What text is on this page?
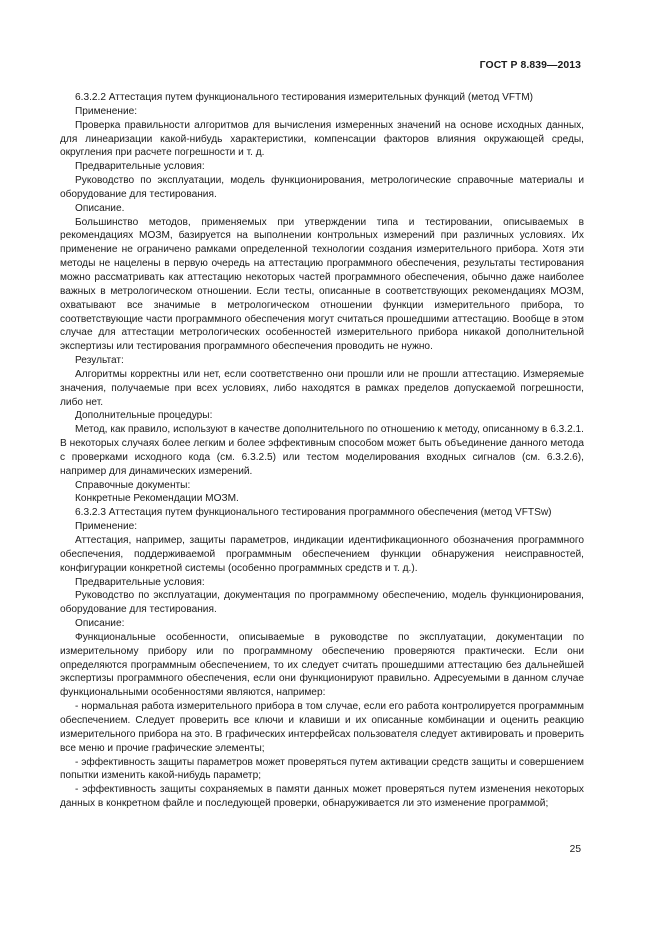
ГОСТ Р 8.839—2013

6.3.2.2 Аттестация путем функционального тестирования измерительных функций (метод VFTM)

Применение:

Проверка правильности алгоритмов для вычисления измеренных значений на основе исходных данных, для линеаризации какой-нибудь характеристики, компенсации факторов влияния окружающей среды, округления при расчете погрешности и т. д.

Предварительные условия:

Руководство по эксплуатации, модель функционирования, метрологические справочные материалы и оборудование для тестирования.

Описание.

Большинство методов, применяемых при утверждении типа и тестировании, описываемых в рекомендациях МОЗМ, базируется на выполнении контрольных измерений при различных условиях. Их применение не ограничено рамками определенной технологии создания измерительного прибора. Хотя эти методы не нацелены в первую очередь на аттестацию программного обеспечения, результаты тестирования можно рассматривать как аттестацию некоторых частей программного обеспечения, обычно даже наиболее важных в метрологическом отношении. Если тесты, описанные в соответствующих рекомендациях МОЗМ, охватывают все значимые в метрологическом отношении функции измерительного прибора, то соответствующие части программного обеспечения могут считаться прошедшими аттестацию. Вообще в этом случае для аттестации метрологических особенностей измерительного прибора никакой дополнительной экспертизы или тестирования программного обеспечения проводить не нужно.

Результат:

Алгоритмы корректны или нет, если соответственно они прошли или не прошли аттестацию. Измеряемые значения, получаемые при всех условиях, либо находятся в рамках пределов допускаемой погрешности, либо нет.

Дополнительные процедуры:

Метод, как правило, используют в качестве дополнительного по отношению к методу, описанному в 6.3.2.1. В некоторых случаях более легким и более эффективным способом может быть объединение данного метода с проверками исходного кода (см. 6.3.2.5) или тестом моделирования входных сигналов (см. 6.3.2.6), например для динамических измерений.

Справочные документы:

Конкретные Рекомендации МОЗМ.

6.3.2.3 Аттестация путем функционального тестирования программного обеспечения (метод VFTSw)

Применение:

Аттестация, например, защиты параметров, индикации идентификационного обозначения программного обеспечения, поддерживаемой программным обеспечением функции обнаружения неисправностей, конфигурации конкретной системы (особенно программных средств и т. д.).

Предварительные условия:

Руководство по эксплуатации, документация по программному обеспечению, модель функционирования, оборудование для тестирования.

Описание:

Функциональные особенности, описываемые в руководстве по эксплуатации, документации по измерительному прибору или по программному обеспечению проверяются практически. Если они определяются программным обеспечением, то их следует считать прошедшими аттестацию без дальнейшей экспертизы программного обеспечения, если они функционируют правильно. Адресуемыми в данном случае функциональными особенностями являются, например:

- нормальная работа измерительного прибора в том случае, если его работа контролируется программным обеспечением. Следует проверить все ключи и клавиши и их описанные комбинации и оценить реакцию измерительного прибора на это. В графических интерфейсах пользователя следует активировать и проверить все меню и прочие графические элементы;

- эффективность защиты параметров может проверяться путем активации средств защиты и совершением попытки изменить какой-нибудь параметр;

- эффективность защиты сохраняемых в памяти данных может проверяться путем изменения некоторых данных в конкретном файле и последующей проверки, обнаруживается ли это изменение программой;

25
